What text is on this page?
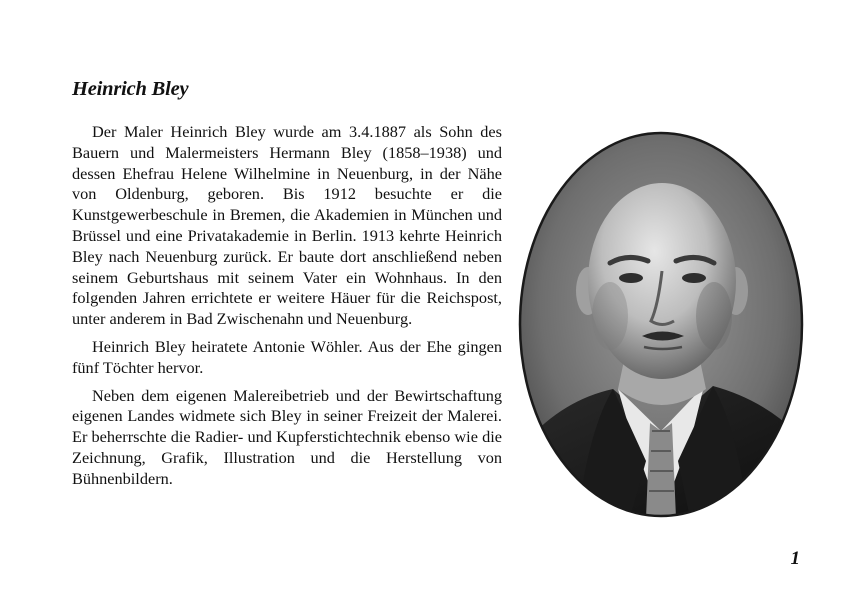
Heinrich Bley

Der Maler Heinrich Bley wurde am 3.4.1887 als Sohn des Bauern und Malermeisters Hermann Bley (1858–1938) und dessen Ehefrau Helene Wilhelmine in Neuenburg, in der Nähe von Oldenburg, geboren. Bis 1912 besuchte er die Kunstgewerbeschule in Bremen, die Akademien in München und Brüssel und eine Privatakademie in Berlin. 1913 kehrte Heinrich Bley nach Neuenburg zurück. Er baute dort anschließend neben seinem Geburtshaus mit seinem Vater ein Wohnhaus. In den folgenden Jahren errichtete er weitere Häuer für die Reichspost, unter anderem in Bad Zwischenahn und Neuenburg.

Heinrich Bley heiratete Antonie Wöhler. Aus der Ehe gingen fünf Töchter hervor.

Neben dem eigenen Malereibetrieb und der Bewirtschaftung eigenen Landes widmete sich Bley in seiner Freizeit der Malerei. Er beherrschte die Radier- und Kupferstichtechnik ebenso wie die Zeichnung, Grafik, Illustration und die Herstellung von Bühnenbildern.

1
